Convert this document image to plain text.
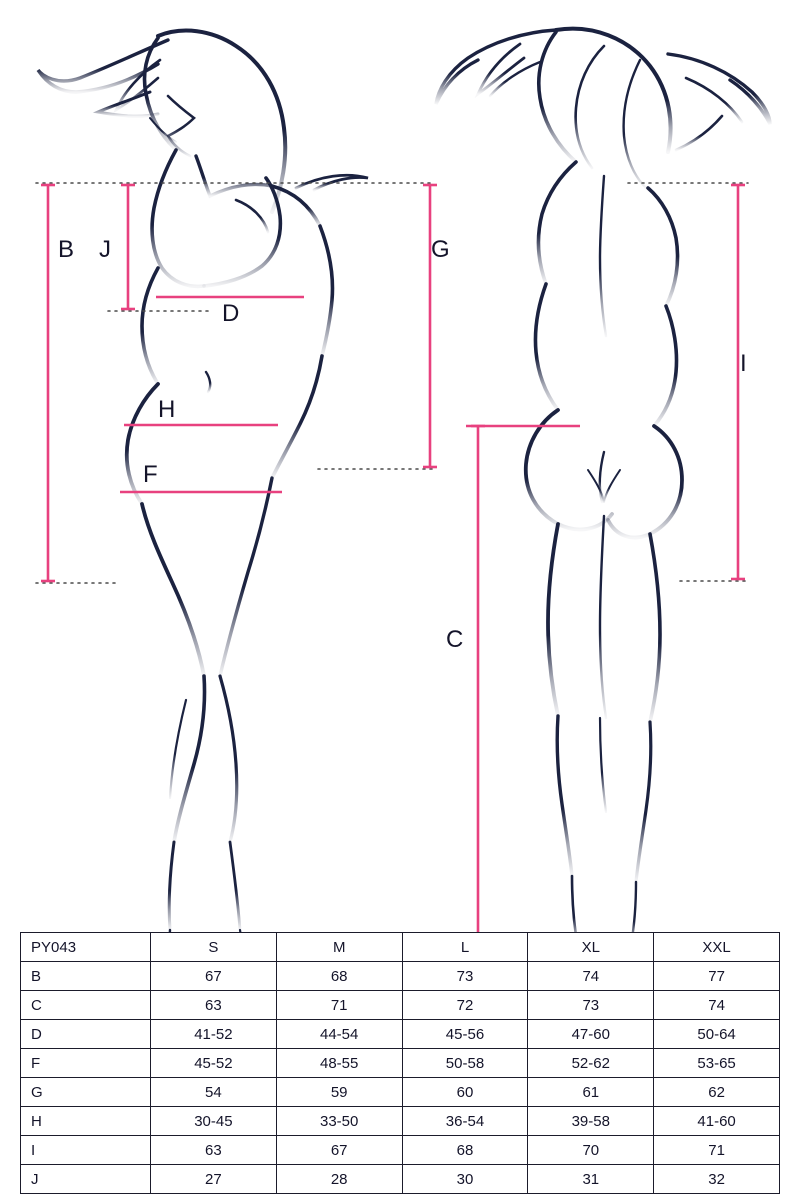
B J
D
H
F
G
I
C
PY043	S	M	L	XL	XXL
B	67	68	73	74	77
C	63	71	72	73	74
D	41-52	44-54	45-56	47-60	50-64
F	45-52	48-55	50-58	52-62	53-65
G	54	59	60	61	62
H	30-45	33-50	36-54	39-58	41-60
I	63	67	68	70	71
J	27	28	30	31	32
